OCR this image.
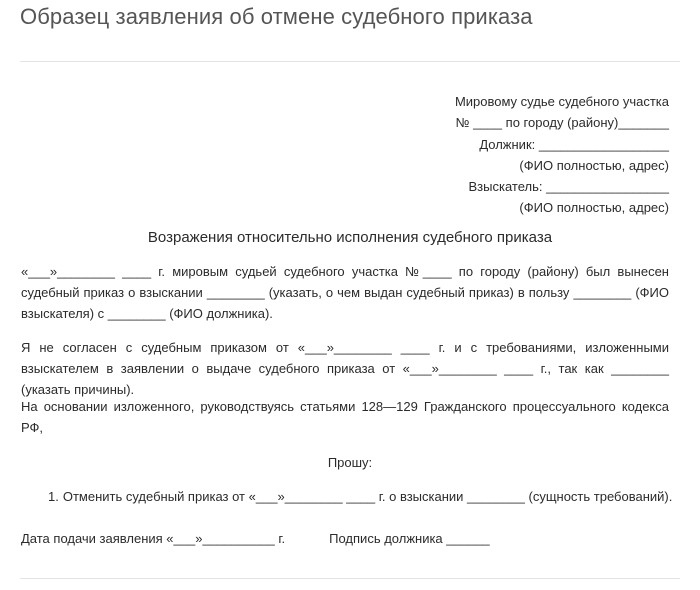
Образец заявления об отмене судебного приказа
Мировому судье судебного участка
№ ____ по городу (району)_______
Должник: __________________
(ФИО полностью, адрес)
Взыскатель: _________________
(ФИО полностью, адрес)
Возражения относительно исполнения судебного приказа

«___»________ ____ г. мировым судьей судебного участка №____ по городу (району) был вынесен судебный приказ о взыскании ________ (указать, о чем выдан судебный приказ) в пользу ________ (ФИО взыскателя) с ________ (ФИО должника).

Я не согласен с судебным приказом от «___»________ ____ г. и с требованиями, изложенными взыскателем в заявлении о выдаче судебного приказа от «___»________ ____ г., так как ________ (указать причины).

На основании изложенного, руководствуясь статьями 128—129 Гражданского процессуального кодекса РФ,

Прошу:

1. Отменить судебный приказ от «___»________ ____ г. о взыскании ________ (сущность требований).
Дата подачи заявления «___»__________ г.	Подпись должника ______
